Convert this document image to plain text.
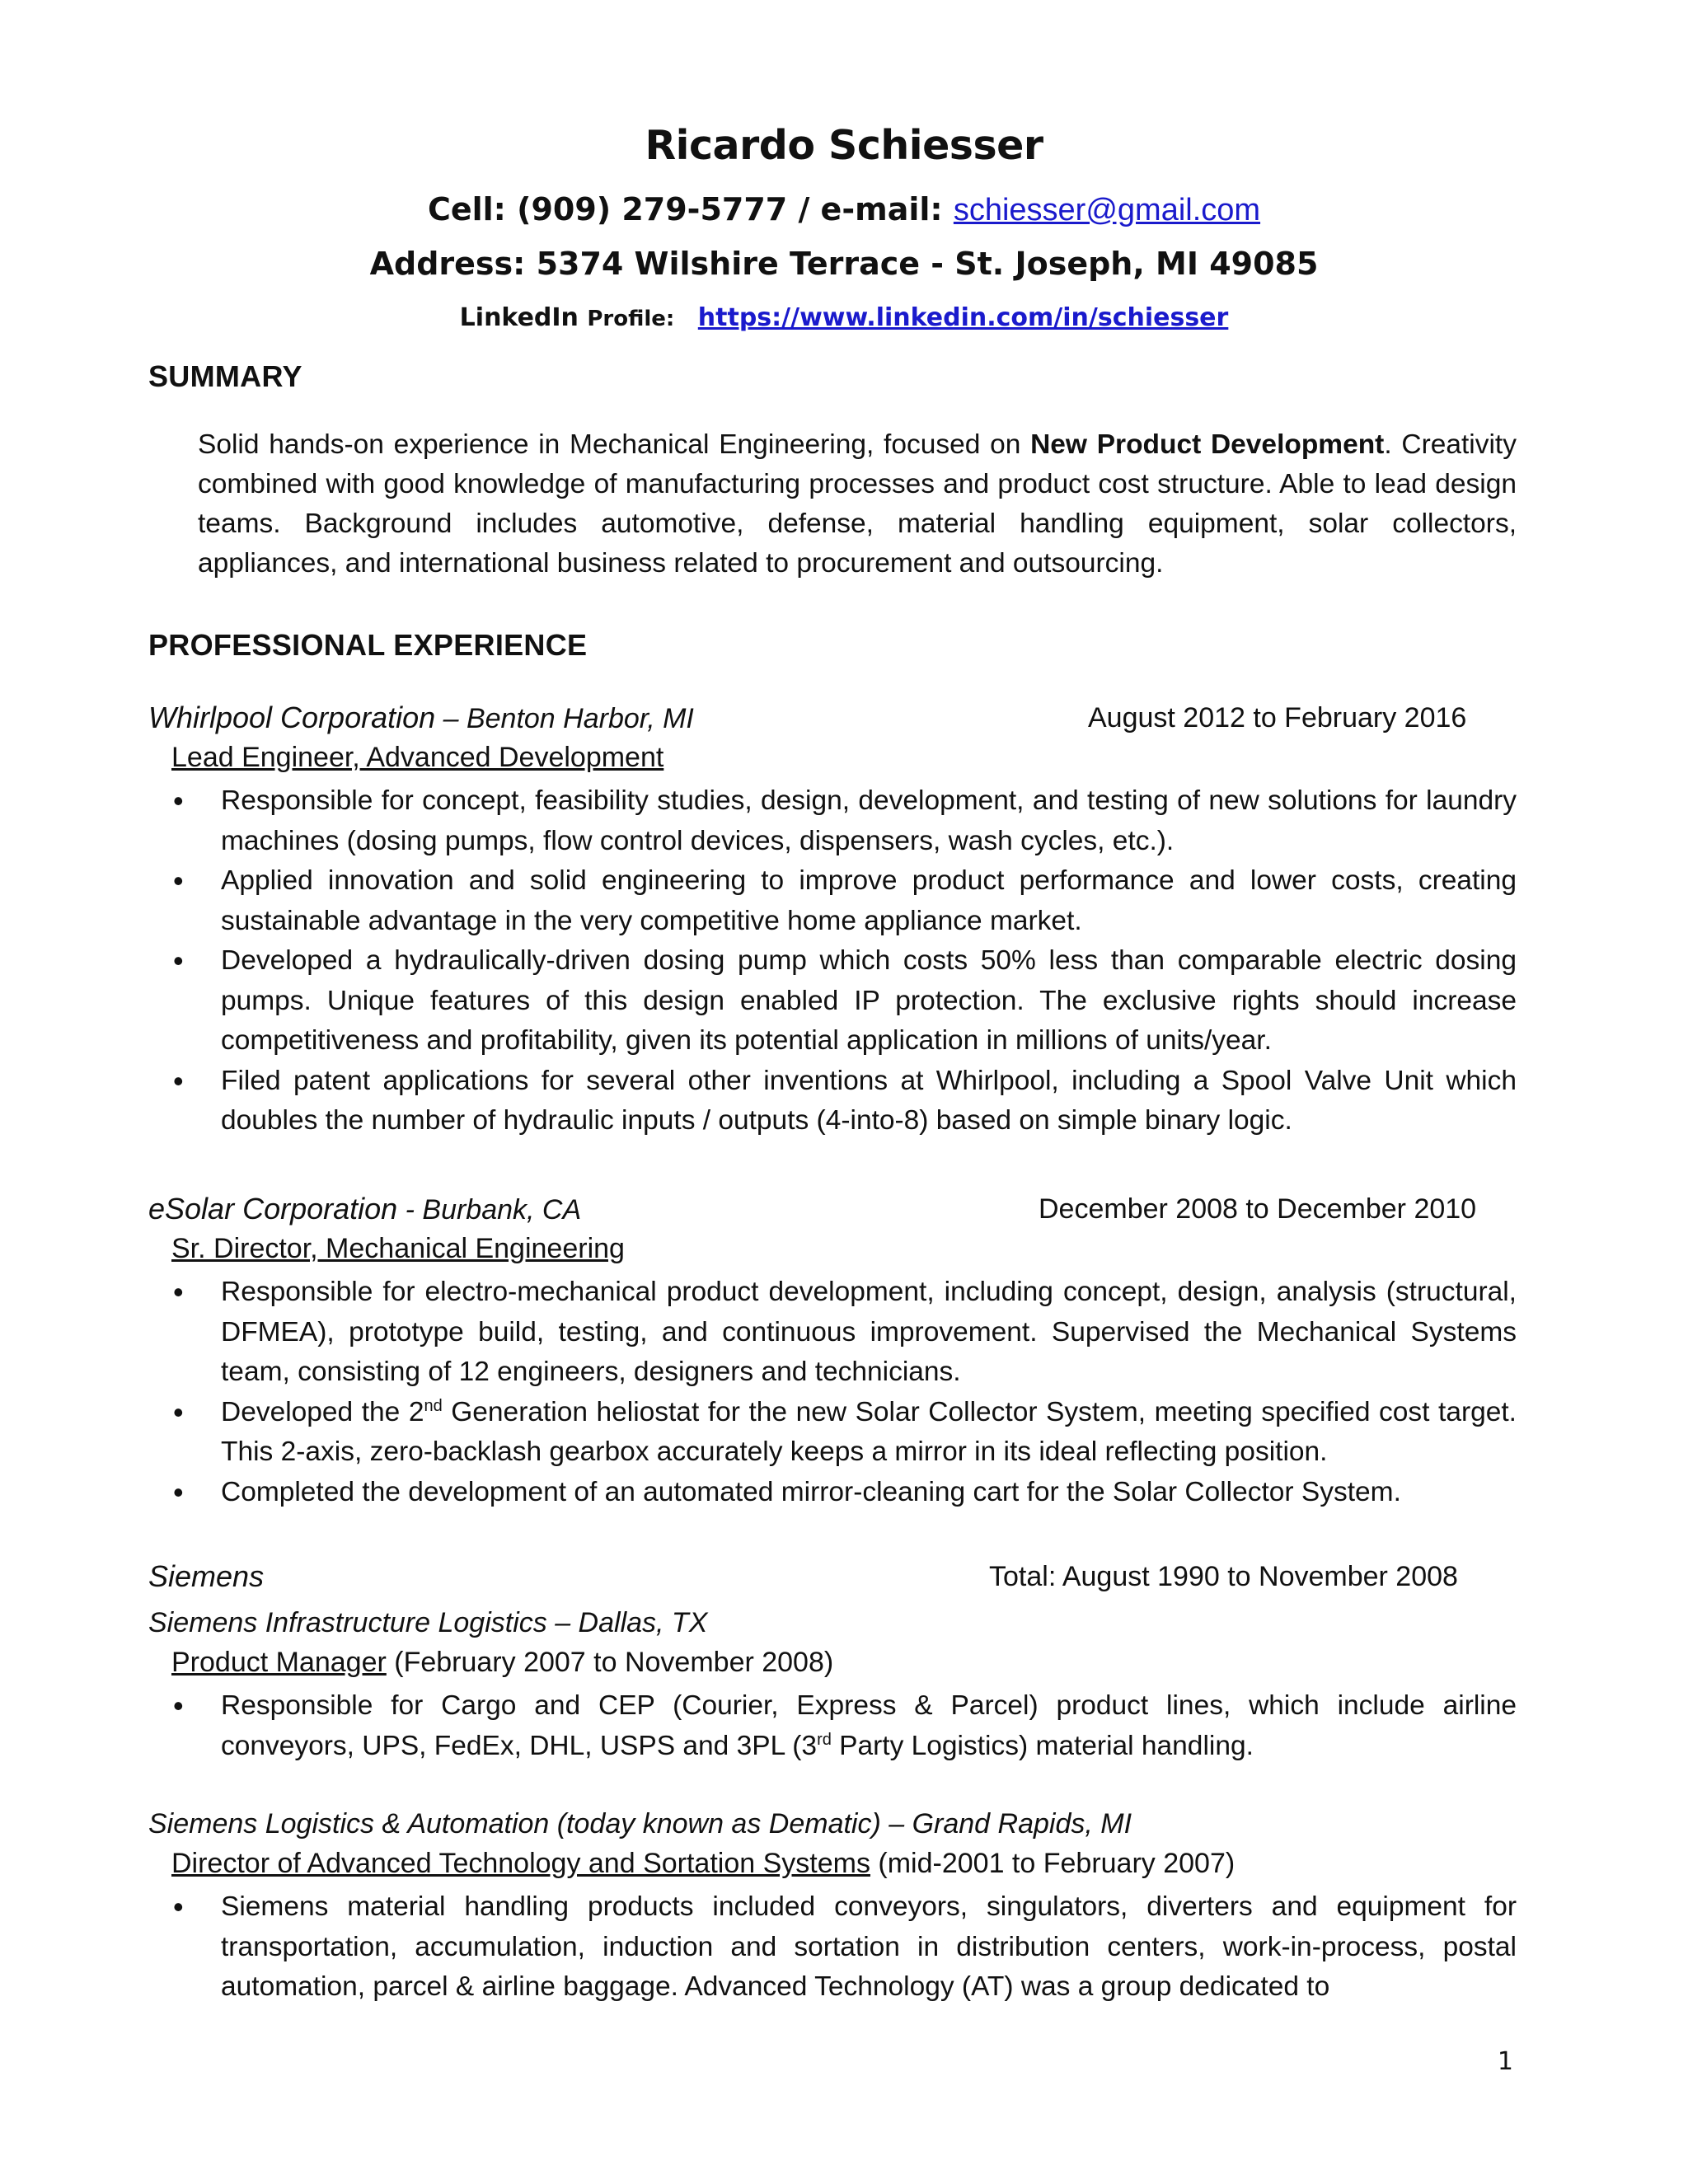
Ricardo Schiesser
Cell: (909) 279-5777 / e-mail: schiesser@gmail.com
Address: 5374 Wilshire Terrace - St. Joseph, MI 49085
LinkedIn Profile: https://www.linkedin.com/in/schiesser
SUMMARY
Solid hands-on experience in Mechanical Engineering, focused on New Product Development. Creativity combined with good knowledge of manufacturing processes and product cost structure. Able to lead design teams. Background includes automotive, defense, material handling equipment, solar collectors, appliances, and international business related to procurement and outsourcing.
PROFESSIONAL EXPERIENCE
Whirlpool Corporation – Benton Harbor, MI	August 2012 to February 2016
Lead Engineer, Advanced Development
• Responsible for concept, feasibility studies, design, development, and testing of new solutions for laundry machines (dosing pumps, flow control devices, dispensers, wash cycles, etc.).
• Applied innovation and solid engineering to improve product performance and lower costs, creating sustainable advantage in the very competitive home appliance market.
• Developed a hydraulically-driven dosing pump which costs 50% less than comparable electric dosing pumps. Unique features of this design enabled IP protection. The exclusive rights should increase competitiveness and profitability, given its potential application in millions of units/year.
• Filed patent applications for several other inventions at Whirlpool, including a Spool Valve Unit which doubles the number of hydraulic inputs / outputs (4-into-8) based on simple binary logic.
eSolar Corporation - Burbank, CA	December 2008 to December 2010
Sr. Director, Mechanical Engineering
• Responsible for electro-mechanical product development, including concept, design, analysis (structural, DFMEA), prototype build, testing, and continuous improvement. Supervised the Mechanical Systems team, consisting of 12 engineers, designers and technicians.
• Developed the 2nd Generation heliostat for the new Solar Collector System, meeting specified cost target. This 2-axis, zero-backlash gearbox accurately keeps a mirror in its ideal reflecting position.
• Completed the development of an automated mirror-cleaning cart for the Solar Collector System.
Siemens	Total: August 1990 to November 2008
Siemens Infrastructure Logistics – Dallas, TX
Product Manager (February 2007 to November 2008)
• Responsible for Cargo and CEP (Courier, Express & Parcel) product lines, which include airline conveyors, UPS, FedEx, DHL, USPS and 3PL (3rd Party Logistics) material handling.
Siemens Logistics & Automation (today known as Dematic) – Grand Rapids, MI
Director of Advanced Technology and Sortation Systems (mid-2001 to February 2007)
• Siemens material handling products included conveyors, singulators, diverters and equipment for transportation, accumulation, induction and sortation in distribution centers, work-in-process, postal automation, parcel & airline baggage. Advanced Technology (AT) was a group dedicated to
1
